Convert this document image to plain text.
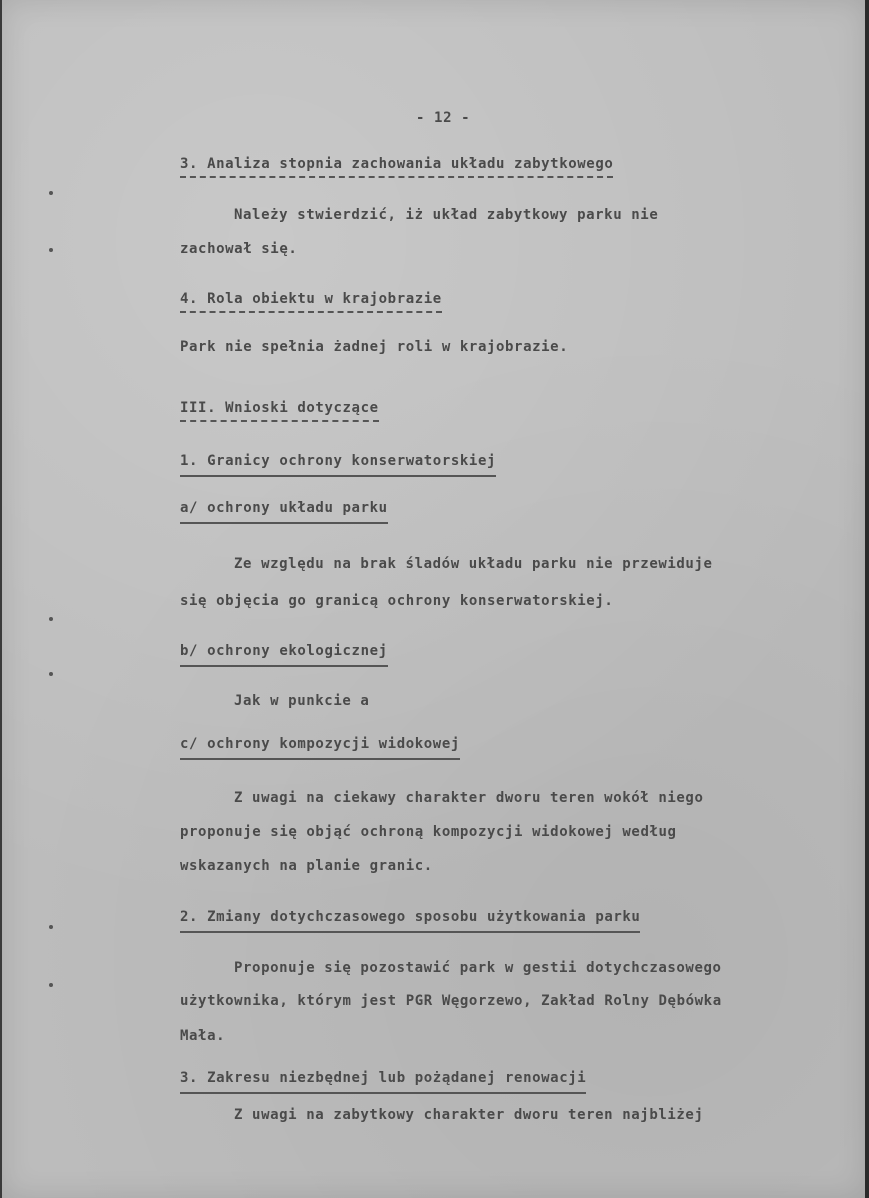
- 12 -

3. Analiza stopnia zachowania układu zabytkowego

Należy stwierdzić, iż układ zabytkowy parku nie

zachował się.

4. Rola obiektu w krajobrazie

Park nie spełnia żadnej roli w krajobrazie.

III. Wnioski dotyczące

1. Granicy ochrony konserwatorskiej

a/ ochrony układu parku

Ze względu na brak śladów układu parku nie przewiduje

się objęcia go granicą ochrony konserwatorskiej.

b/ ochrony ekologicznej

Jak w punkcie a

c/ ochrony kompozycji widokowej

Z uwagi na ciekawy charakter dworu teren wokół niego

proponuje się objąć ochroną kompozycji widokowej według

wskazanych na planie granic.

2. Zmiany dotychczasowego sposobu użytkowania parku

Proponuje się pozostawić park w gestii dotychczasowego

użytkownika, którym jest PGR Węgorzewo, Zakład Rolny Dębówka

Mała.

3. Zakresu niezbędnej lub pożądanej renowacji

Z uwagi na zabytkowy charakter dworu teren najbliżej
